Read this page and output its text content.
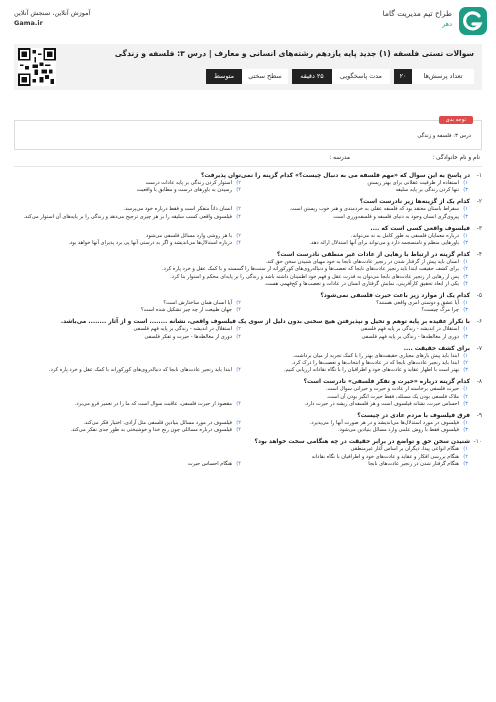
طراح تیم مدیریت گاما
دهر
آموزش آنلاین، سنجش آنلاین
Gama.ir
سوالات تستی فلسفه (۱) جدید پایه یازدهم رشته‌های انسانی و معارف | درس ۳: فلسفه و زندگی
تعداد پرسش‌ها
۲۰
مدت پاسخگویی
۲۵ دقیقه
سطح سختی
متوسط
توجه بدی
درس ۳: فلسفه و زندگی
نام و نام خانوادگی :
مدرسه :
۱-
در پاسخ به این سوال که «مهم فلسفه می به دنبال چیست؟» کدام گزینه‌ را نمی‌توان پذیرفت؟
۱)
استفاده از ظرفیت عقلانی برای بهتر زیستن
۲)
استوار کردن زندگی بر پایه عادات درست
۳)
تنها کردن زندگی بر پایه سلیقه
۴)
رسیدن به باورهای درست و مطابق با واقعیت
۲-
کدام یک از گزینه‌ها زیر نادرست است؟
۱)
سقراط باستان معتقد بود که فلسفه عقلی به خردمندی و هنر خوب زیستن است.
۲)
انسان ذاتاً متفکر است و فقط درباره خود می‌پرسد.
۳)
پیروی‌گری انسان وجود به دنیای فلسفه و فلسفه‌ورزی است.
۴)
فیلسوف واقعی کسب سلیقه را بر هر چیزی ترجیح می‌دهد و زندگی را بر پایه‌های آن استوار می‌کند.
۳-
فیلسوف واقعی کسی است که ....
۱)
درباره معمایان فلسفی به طور کامل به نه می‌تواند.
۲)
با هر روشی وارد مسائل فلسفی می‌شود
۳)
باورهایی منظم و نامنسجمه دارد و می‌تواند برای آنها استدلال ارائه دهد.
۴)
درباره استدلال‌ها می‌اندیشد و اگر به درستی آنها پی برد پذیرای آنها خواهد بود.
۴-
کدام گزینه در ارتباط با رهایی از عادات غیر منطقی نادرست است؟
۱)
انسان باید پیش از گرفتار شدن در زنجیر عادت‌های نابجا به خود مهیای شنیدن سخن حق کند.
۲)
برای کشف حقیقت ابتدا باید زنجیر عادت‌های نابجا که تعصب‌ها و دنباله‌روی‌های کورکورانه از سنت‌ها را گسسته و با کمک عقل و خرد پاره کرد.
۳)
پس از رهایی از زنجیر عادت‌های نابجا می‌توان به قدرت عقل و فهم خود اطمینان داشته باشد و زندگی را بر پایه‌ای محکم و استوار بنا کرد.
۴)
یکی از ابعاد تحقیق کارآفرینی، نمایش گرفتاری انسان در عادات و تعصب‌ها و کج‌فهمی هست.
۵-
کدام یک از موارد زیر باعث حیرت فلسفی نمی‌شود؟
۱)
آیا عشق و دوستی امری واقعی هستند؟
۲)
آیا انسان همان ساختارش است؟
۳)
چرا مرگ چیست؟
۴)
جهان طبیعت از چه چیز تشکیل شده است؟
۶-
با تکرار عقیده بر پایه توهم و تخیل و نپذیرفتن هیچ سخنی بدون دلیل از سوی یک فیلسوف واقعی، نشانه ........ است و از آثار ........ می‌باشد.
۱)
استقلال در اندیشه - زندگی بر پایه فهم فلسفی
۲)
استقلال در اندیشه - زندگی بر پایه فهم فلسفی
۳)
دوری از مغالطه‌ها - زندگی بر پایه فهم فلسفی
۴)
دوری از مغالطه‌ها - حیرت و تفکر فلسفی
۷-
برای کشف حقیقت ....
۱)
ابتدا باید پیش بارهای معیاری حقیقت‌های بهتر را با کمک تجربه از میان برداشت.
۲)
ابتدا باید زنجیر عادت‌های نابجا که در عادت‌ها و انتخاب‌ها و تعصب‌ها را درک کرد.
۳)
بهتر است با اظهار عقاید و عادت‌های خود و اطرافیان را با نگاه نقادانه ارزیابی کنیم.
۴)
ابتدا باید زنجیر عادت‌های نابجا که دنباله‌روی‌های کورکورانه با کمک عقل و خرد پاره کرد.
۸-
کدام گزینه درباره «حیرت و تفکر فلسفی» نادرست است؟
۱)
حیرت فلسفی برخاسته از عادت و حیرت و حیرانی سوال است.
۲)
ملاک فلسفی بودن یک مسئله، فقط حیرت انگیز بودن آن است.
۳)
احساس حیرت، نشانه فیلسوف است و هر فلسفه‌ای ریشه در حیرت دارد.
۴)
مقصود از حیرت فلسفی، عاقبت سوال است که ما را در تعمیر فرو می‌برد.
۹-
فرق فیلسوف با مردم عادی در چیست؟
۱)
فیلسوف در مورد استدلال‌ها می‌اندیشد و در هر صورت آنها را می‌پذیرد.
۲)
فیلسوف در مورد مسائل بنیادین فلسفی مثل آزادی، اختیار فکر می‌کند.
۳)
فیلسوف فقط با روش علمی وارد مسائل بنیادین می‌شود.
۴)
فیلسوف درباره مسائلی چون رنج خدا و خوشبختی به طور جدی تفکر می‌کند.
۱۰-
شنیدن سخن حق و تواضع در برابر حقیقت در چه هنگامی سخت خواهد بود؟
۱)
هنگام انواعی پیدا، دیگران بر اساس آغاز غیرمنطقی
۲)
هنگام بررسی افکار و عقاید و عادت‌های خود و اطرافیان با نگاه نقادانه
۳)
هنگام گرفتار شدن در زنجیر عادت‌های نابجا
۴)
هنگام احساس حیرت
